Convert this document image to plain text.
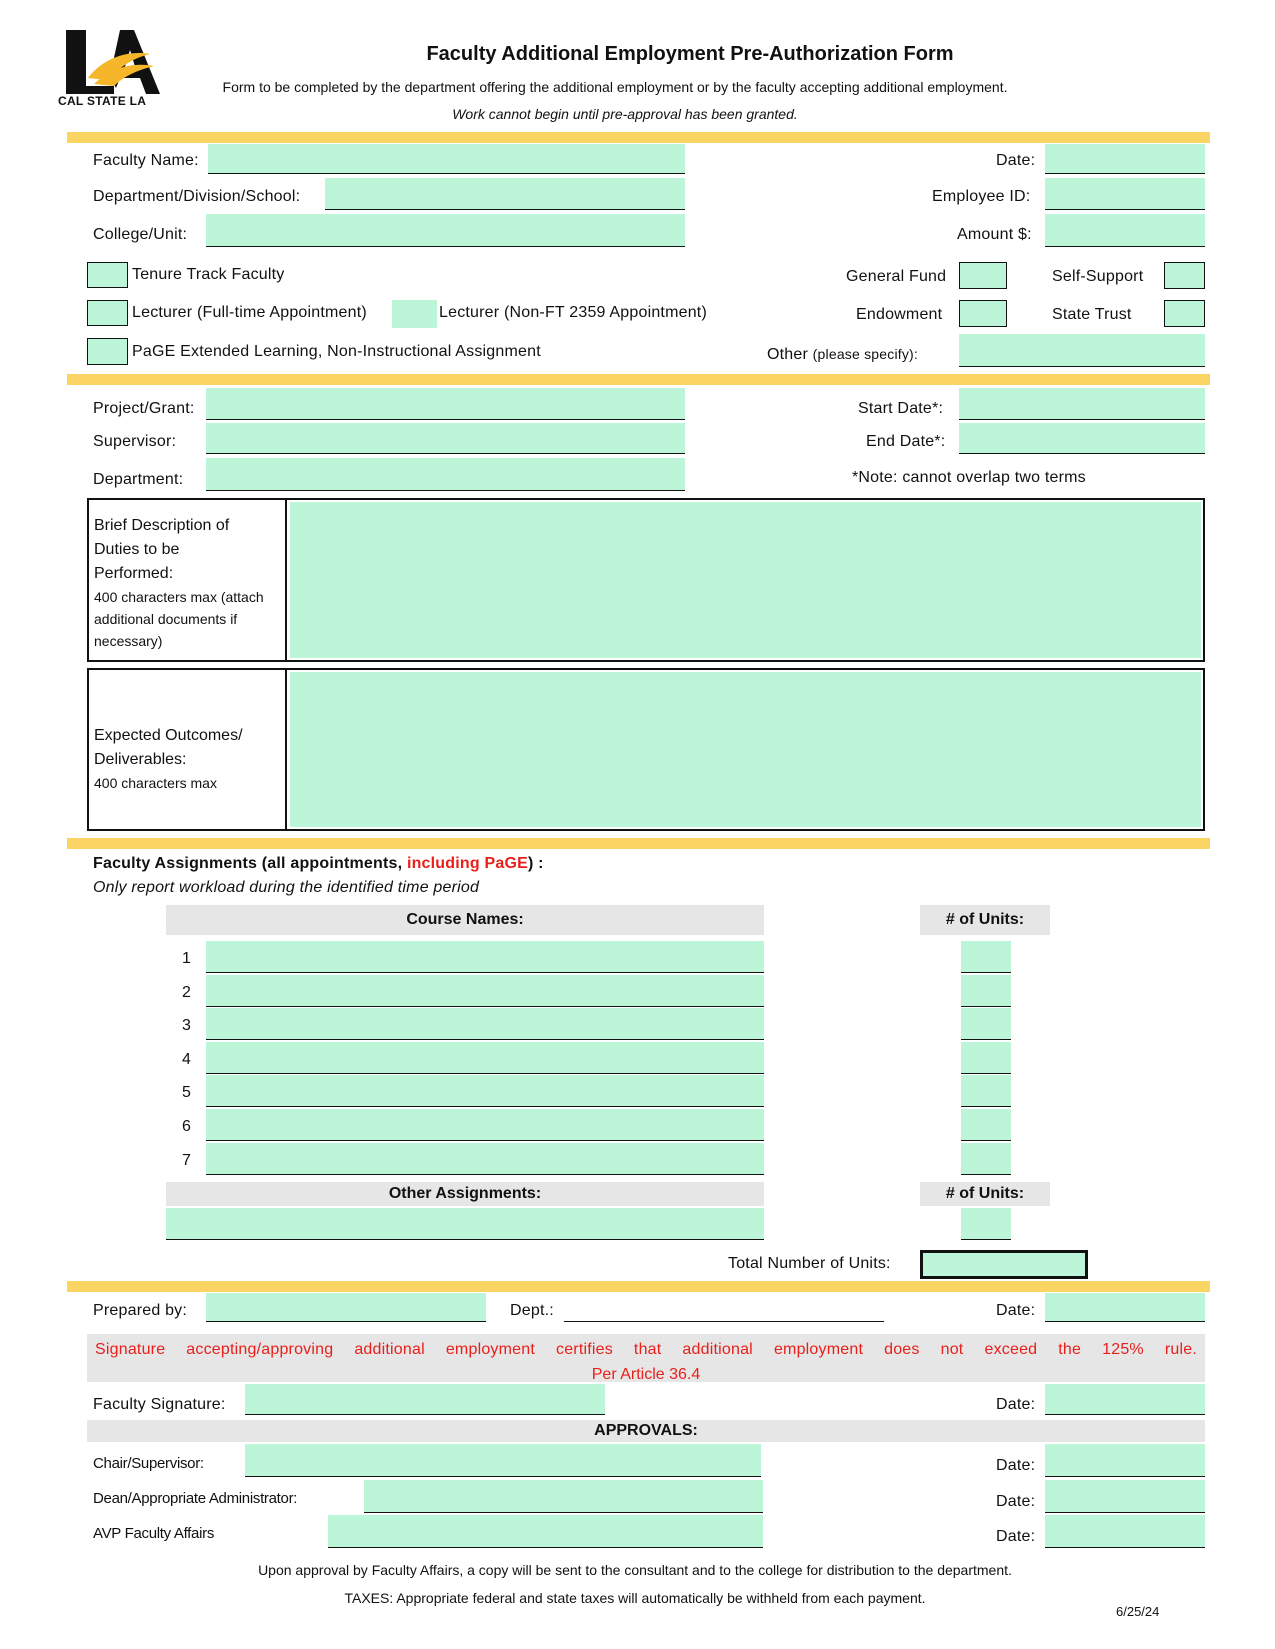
CAL STATE LA
Faculty Additional Employment Pre-Authorization Form
Form to be completed by the department offering the additional employment or by the faculty accepting additional employment.
Work cannot begin until pre-approval has been granted.
Faculty Name:
Department/Division/School:
College/Unit:
Date:
Employee ID:
Amount $:
Tenure Track Faculty
Lecturer (Full-time Appointment)	Lecturer (Non-FT 2359 Appointment)
PaGE Extended Learning, Non-Instructional Assignment
General Fund	Self-Support
Endowment	State Trust
Other (please specify):
Project/Grant:
Supervisor:
Department:
Start Date*:
End Date*:
*Note: cannot overlap two terms
Brief Description of
Duties to be
Performed:
400 characters max (attach
additional documents if
necessary)
Expected Outcomes/
Deliverables:
400 characters max
Faculty Assignments (all appointments, including PaGE) :
Only report workload during the identified time period
Course Names:	# of Units:
1
2
3
4
5
6
7
Other Assignments:	# of Units:
Total Number of Units:
Prepared by:	Dept.:	Date:
Signature accepting/approving additional employment certifies that additional employment does not exceed the 125% rule.
Per Article 36.4
Faculty Signature:	Date:
APPROVALS:
Chair/Supervisor:	Date:
Dean/Appropriate Administrator:	Date:
AVP Faculty Affairs	Date:
Upon approval by Faculty Affairs, a copy will be sent to the consultant and to the college for distribution to the department.
TAXES: Appropriate federal and state taxes will automatically be withheld from each payment.
6/25/24
